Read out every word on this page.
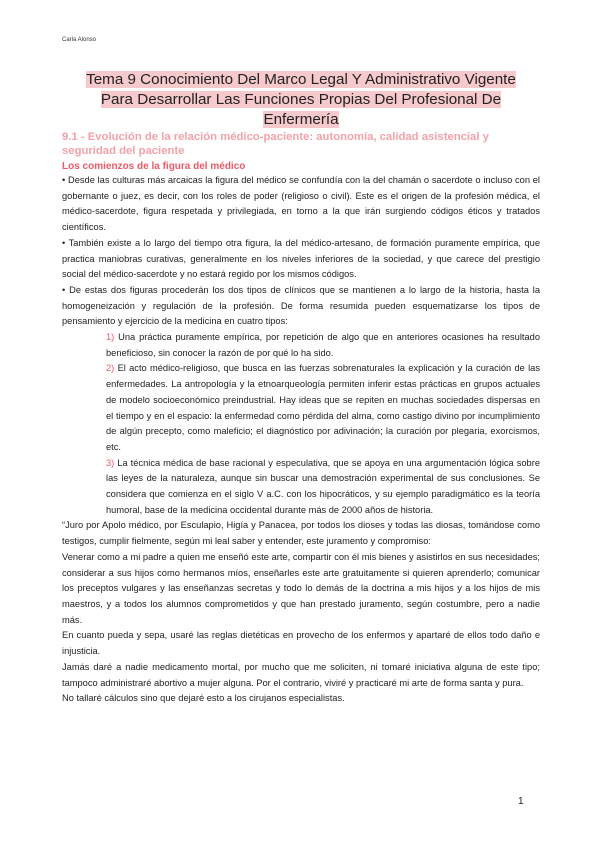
Carla Alonso
Tema 9 Conocimiento Del Marco Legal Y Administrativo Vigente
Para Desarrollar Las Funciones Propias Del Profesional De
Enfermería
9.1 - Evolución de la relación médico-paciente: autonomía, calidad asistencial y seguridad del paciente
Los comienzos de la figura del médico

• Desde las culturas más arcaicas la figura del médico se confundía con la del chamán o sacerdote o incluso con el gobernante o juez, es decir, con los roles de poder (religioso o civil). Este es el origen de la profesión médica, el médico-sacerdote, figura respetada y privilegiada, en torno a la que irán surgiendo códigos éticos y tratados científicos.

• También existe a lo largo del tiempo otra figura, la del médico-artesano, de formación puramente empírica, que practica maniobras curativas, generalmente en los niveles inferiores de la sociedad, y que carece del prestigio social del médico-sacerdote y no estará regido por los mismos códigos.

• De estas dos figuras procederán los dos tipos de clínicos que se mantienen a lo largo de la historia, hasta la homogeneización y regulación de la profesión. De forma resumida pueden esquematizarse los tipos de pensamiento y ejercicio de la medicina en cuatro tipos:

1) Una práctica puramente empírica, por repetición de algo que en anteriores ocasiones ha resultado beneficioso, sin conocer la razón de por qué lo ha sido.

2) El acto médico-religioso, que busca en las fuerzas sobrenaturales la explicación y la curación de las enfermedades. La antropología y la etnoarqueología permiten inferir estas prácticas en grupos actuales de modelo socioeconómico preindustrial. Hay ideas que se repiten en muchas sociedades dispersas en el tiempo y en el espacio: la enfermedad como pérdida del alma, como castigo divino por incumplimiento de algún precepto, como maleficio; el diagnóstico por adivinación; la curación por plegaria, exorcismos, etc.

3) La técnica médica de base racional y especulativa, que se apoya en una argumentación lógica sobre las leyes de la naturaleza, aunque sin buscar una demostración experimental de sus conclusiones. Se considera que comienza en el siglo V a.C. con los hipocráticos, y su ejemplo paradigmático es la teoría humoral, base de la medicina occidental durante más de 2000 años de historia.

“Juro por Apolo médico, por Esculapio, Higía y Panacea, por todos los dioses y todas las diosas, tomándose como testigos, cumplir fielmente, según mi leal saber y entender, este juramento y compromiso:

Venerar como a mi padre a quien me enseñó este arte, compartir con él mis bienes y asistirlos en sus necesidades; considerar a sus hijos como hermanos míos, enseñarles este arte gratuitamente si quieren aprenderlo; comunicar los preceptos vulgares y las enseñanzas secretas y todo lo demás de la doctrina a mis hijos y a los hijos de mis maestros, y a todos los alumnos comprometidos y que han prestado juramento, según costumbre, pero a nadie más.

En cuanto pueda y sepa, usaré las reglas dietéticas en provecho de los enfermos y apartaré de ellos todo daño e injusticia.

Jamás daré a nadie medicamento mortal, por mucho que me soliciten, ni tomaré iniciativa alguna de este tipo; tampoco administraré abortivo a mujer alguna. Por el contrario, viviré y practicaré mi arte de forma santa y pura.

No tallaré cálculos sino que dejaré esto a los cirujanos especialistas.

1
